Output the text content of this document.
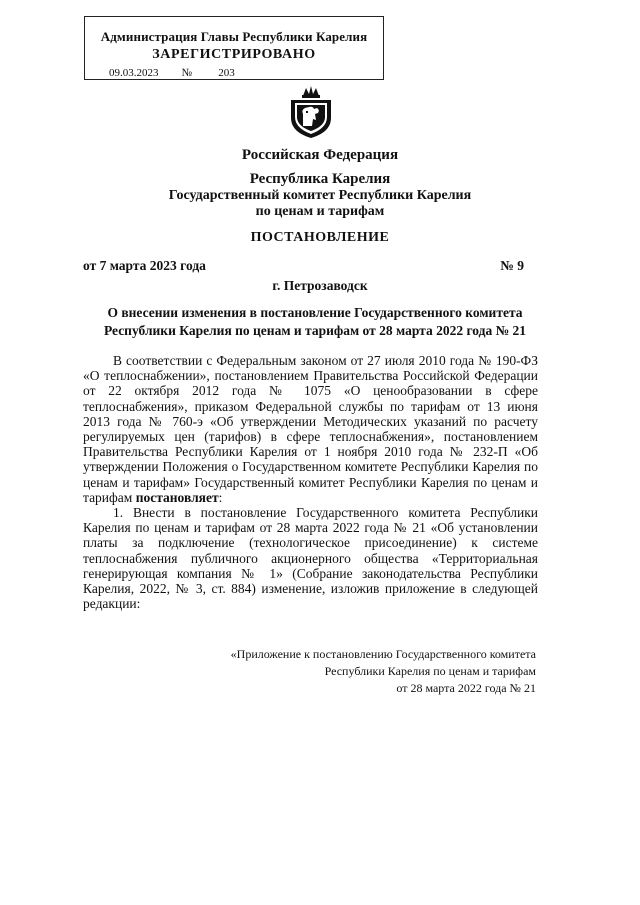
Администрация Главы Республики Карелия
ЗАРЕГИСТРИРОВАНО
09.03.2023 № 203
Российская Федерация
Республика Карелия
Государственный комитет Республики Карелия
по ценам и тарифам
ПОСТАНОВЛЕНИЕ
от 7 марта 2023 года	№ 9
г. Петрозаводск
О внесении изменения в постановление Государственного комитета
Республики Карелия по ценам и тарифам от 28 марта 2022 года № 21

В соответствии с Федеральным законом от 27 июля 2010 года № 190-ФЗ «О теплоснабжении», постановлением Правительства Российской Федерации от 22 октября 2012 года № 1075 «О ценообразовании в сфере теплоснабжения», приказом Федеральной службы по тарифам от 13 июня 2013 года № 760-э «Об утверждении Методических указаний по расчету регулируемых цен (тарифов) в сфере теплоснабжения», постановлением Правительства Республики Карелия от 1 ноября 2010 года № 232-П «Об утверждении Положения о Государственном комитете Республики Карелия по ценам и тарифам» Государственный комитет Республики Карелия по ценам и тарифам постановляет:

1. Внести в постановление Государственного комитета Республики Карелия по ценам и тарифам от 28 марта 2022 года № 21 «Об установлении платы за подключение (технологическое присоединение) к системе теплоснабжения публичного акционерного общества «Территориальная генерирующая компания № 1» (Собрание законодательства Республики Карелия, 2022, № 3, ст. 884) изменение, изложив приложение в следующей редакции:

«Приложение к постановлению Государственного комитета
Республики Карелия по ценам и тарифам
от 28 марта 2022 года № 21
